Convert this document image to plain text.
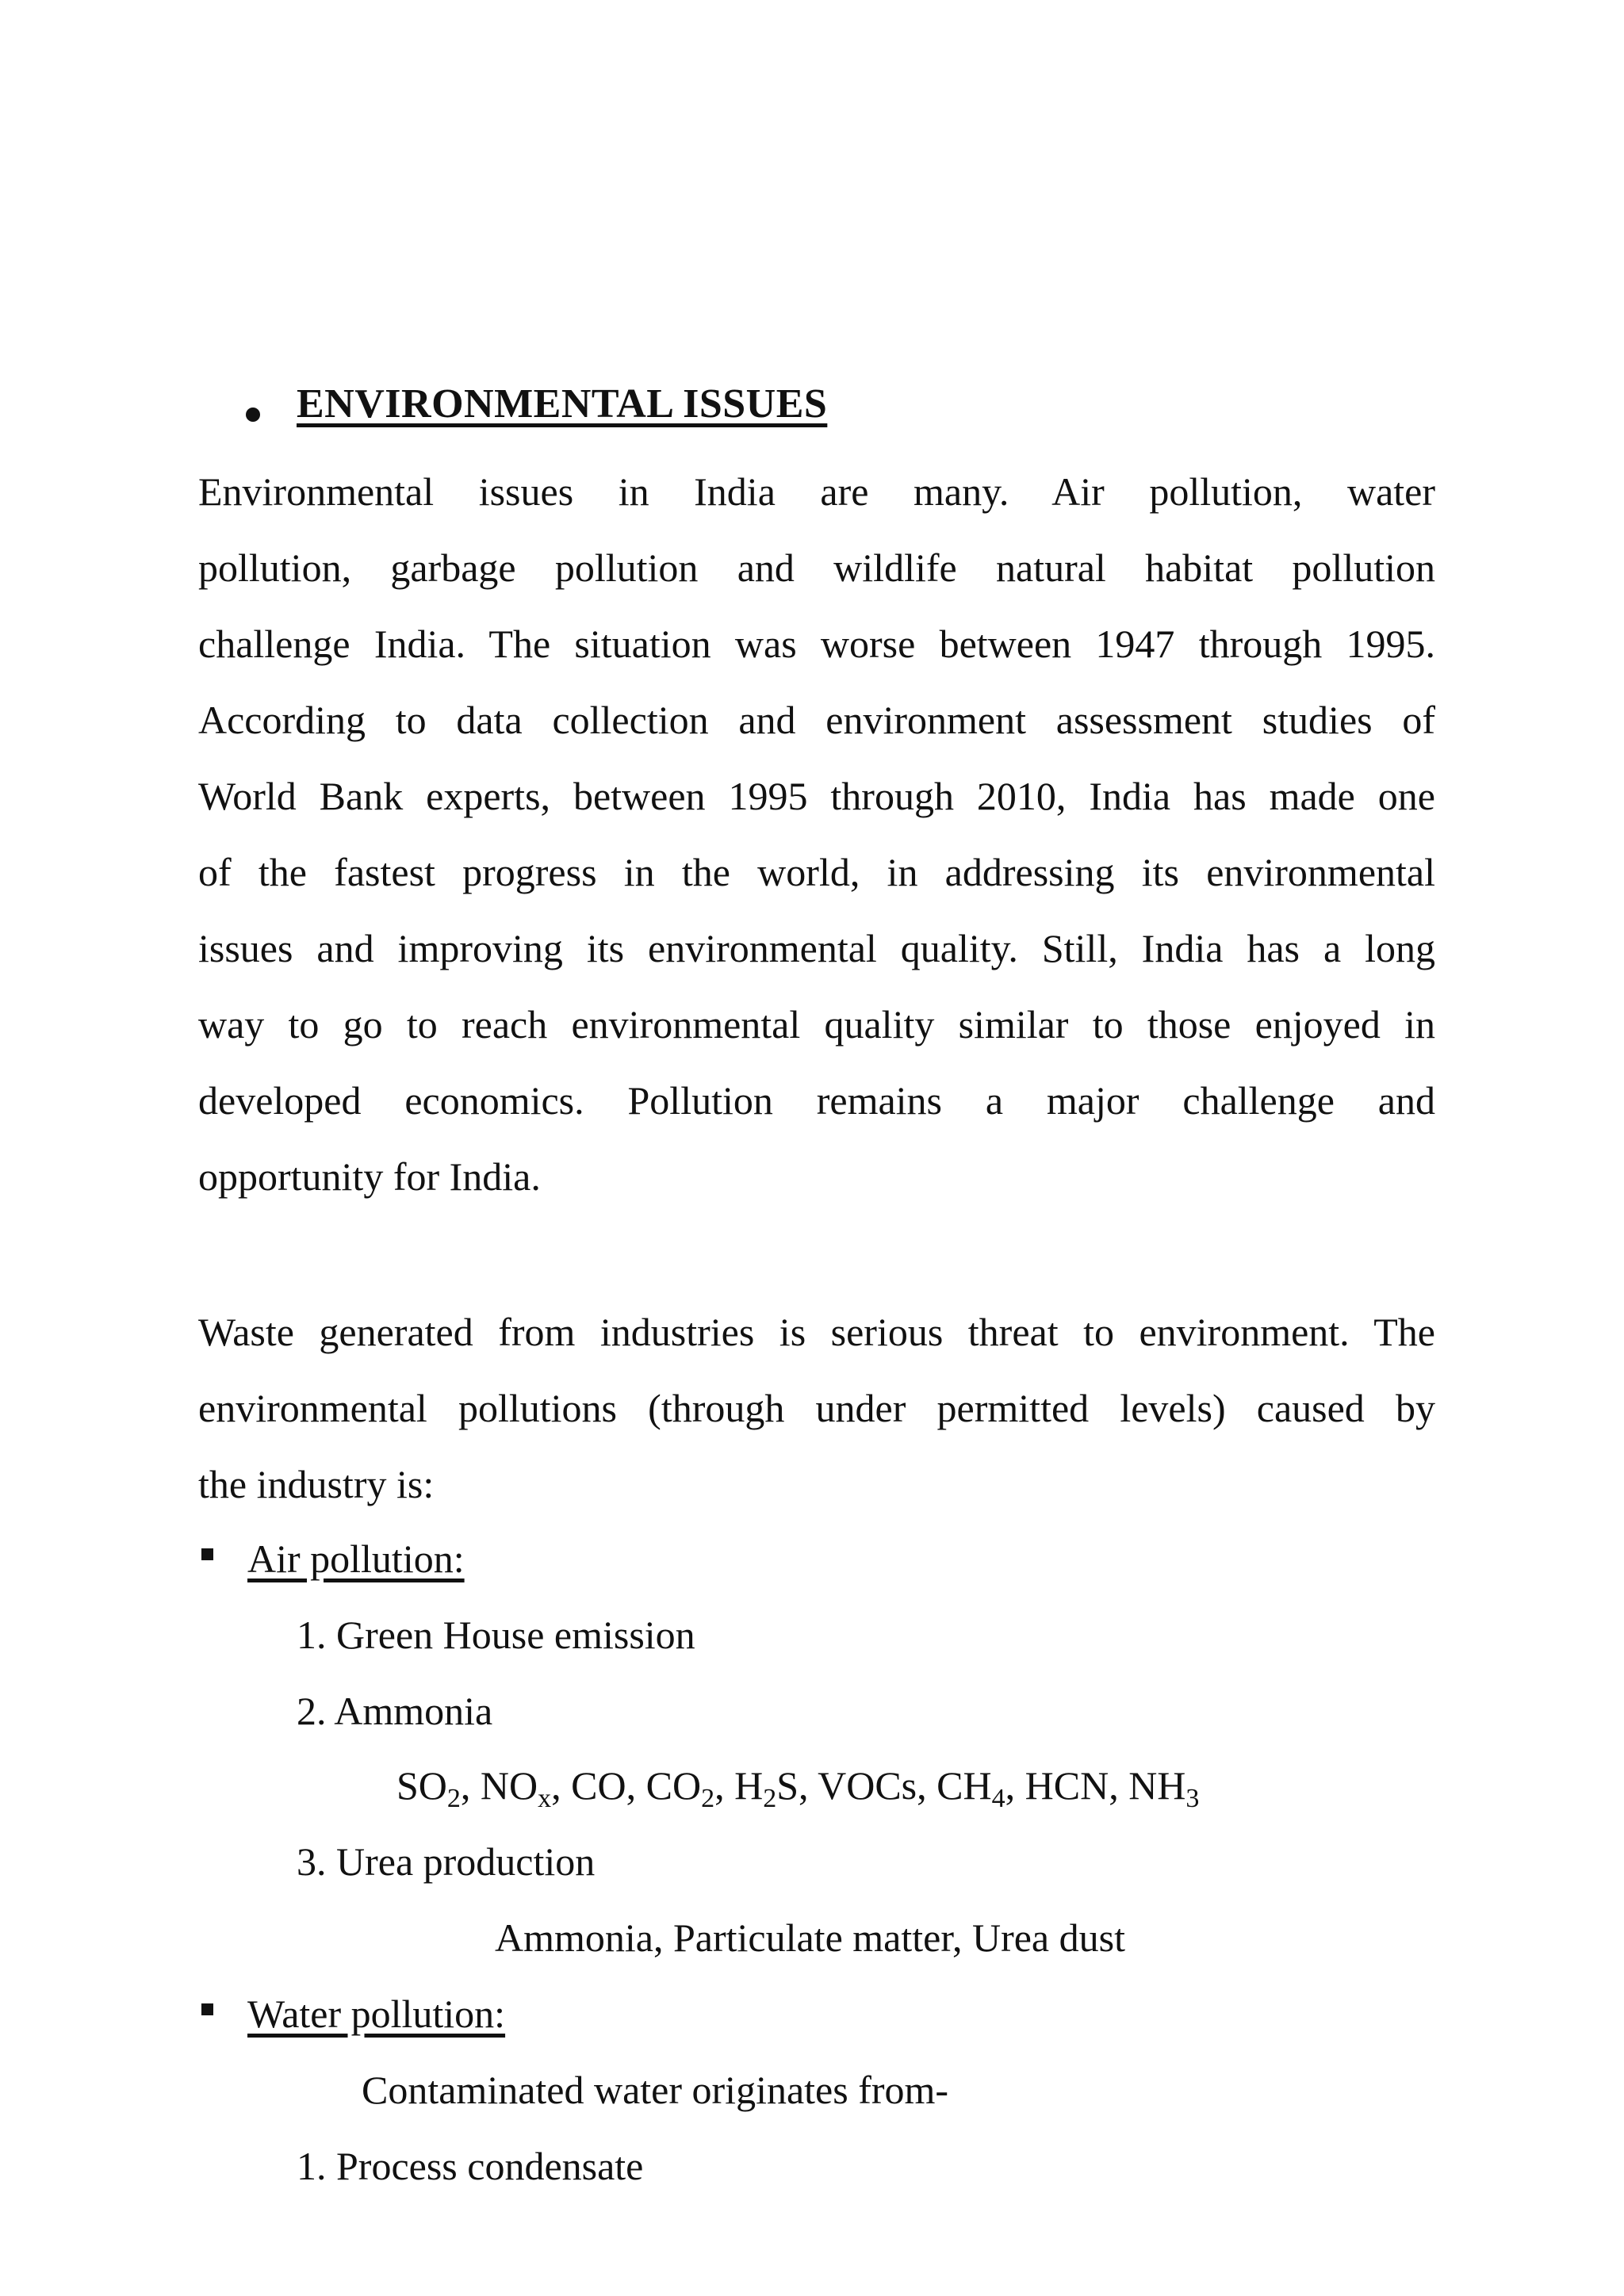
ENVIRONMENTAL ISSUES
Environmental issues in India are many. Air pollution, water
pollution, garbage pollution and wildlife natural habitat pollution
challenge India. The situation was worse between 1947 through 1995.
According to data collection and environment assessment studies of
World Bank experts, between 1995 through 2010, India has made one
of the fastest progress in the world, in addressing its environmental
issues and improving its environmental quality. Still, India has a long
way to go to reach environmental quality similar to those enjoyed in
developed economics. Pollution remains a major challenge and
opportunity for India.
Waste generated from industries is serious threat to environment. The
environmental pollutions (through under permitted levels) caused by
the industry is:
Air pollution:
1. Green House emission
2. Ammonia
$SO_2$, $NO_x$, CO, $CO_2$, $H_2S$, VOCs, $CH_4$, HCN, $NH_3$
3. Urea production
Ammonia, Particulate matter, Urea dust
Water pollution:
Contaminated water originates from-
1. Process condensate
